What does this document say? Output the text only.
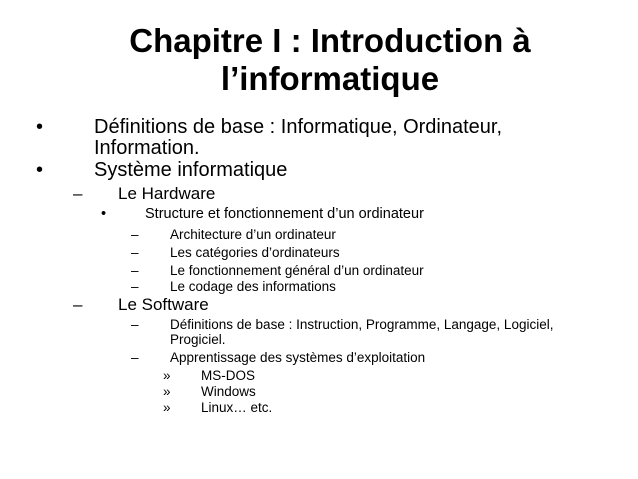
Chapitre I : Introduction à
l’informatique
•	Définitions de base : Informatique, Ordinateur,
Information.
•	Système informatique
– Le Hardware
•	Structure et fonctionnement d’un ordinateur
– Architecture d’un ordinateur
– Les catégories d’ordinateurs
– Le fonctionnement général d’un ordinateur
– Le codage des informations
– Le Software
– Définitions de base : Instruction, Programme, Langage, Logiciel,
Progiciel.
– Apprentissage des systèmes d’exploitation
» MS-DOS
» Windows
» Linux… etc.
